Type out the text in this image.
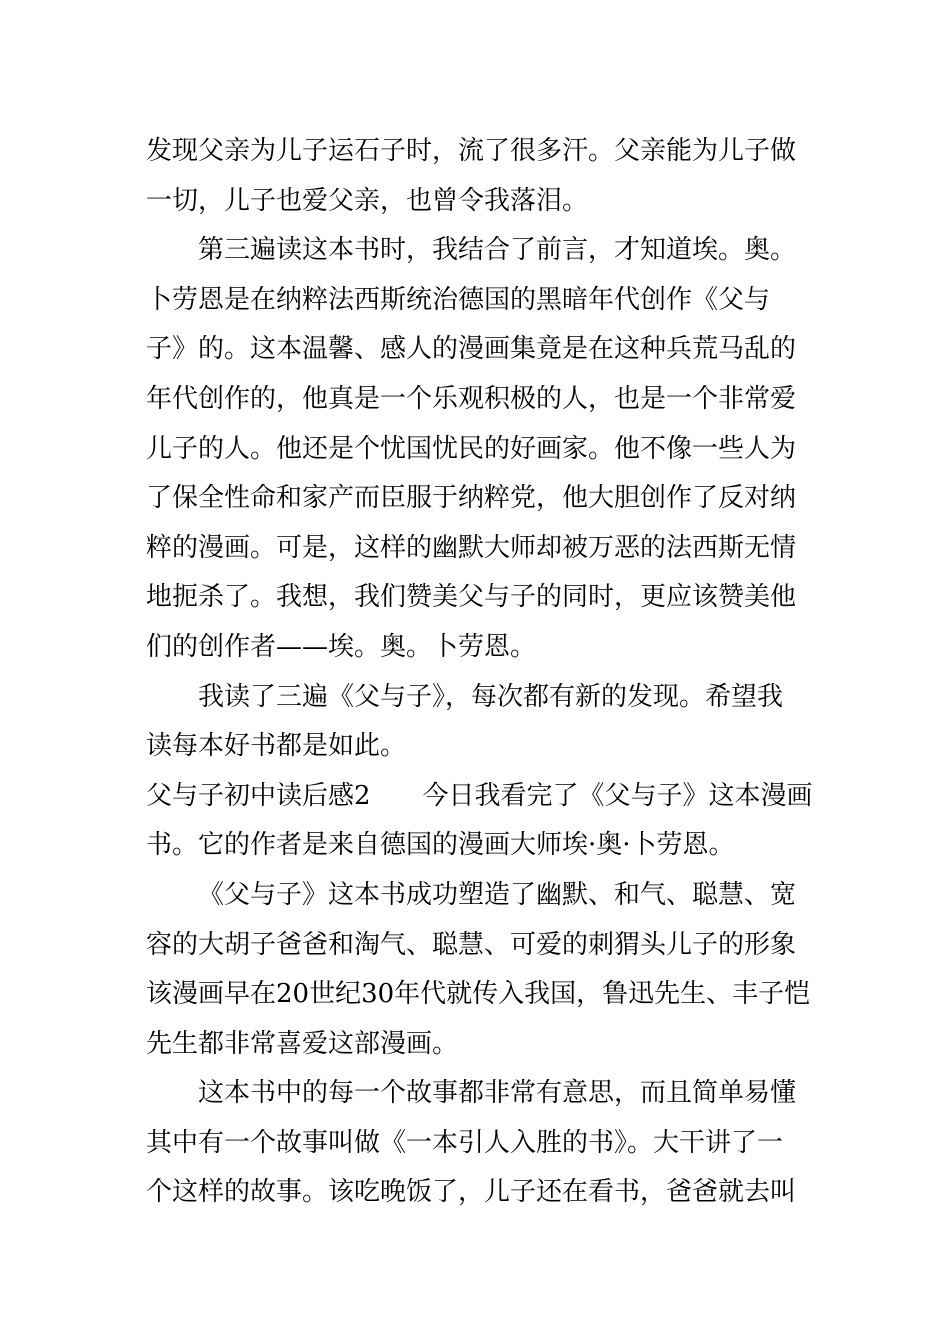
发现父亲为儿子运石子时，流了很多汗。父亲能为儿子做
一切，儿子也爱父亲，也曾令我落泪。
第三遍读这本书时，我结合了前言，才知道埃。奥。
卜劳恩是在纳粹法西斯统治德国的黑暗年代创作《父与
子》的。这本温馨、感人的漫画集竟是在这种兵荒马乱的
年代创作的，他真是一个乐观积极的人，也是一个非常爱
儿子的人。他还是个忧国忧民的好画家。他不像一些人为
了保全性命和家产而臣服于纳粹党，他大胆创作了反对纳
粹的漫画。可是，这样的幽默大师却被万恶的法西斯无情
地扼杀了。我想，我们赞美父与子的同时，更应该赞美他
们的创作者——埃。奥。卜劳恩。
我读了三遍《父与子》，每次都有新的发现。希望我
读每本好书都是如此。
父与子初中读后感2 今日我看完了《父与子》这本漫画
书。它的作者是来自德国的漫画大师埃·奥·卜劳恩。
《父与子》这本书成功塑造了幽默、和气、聪慧、宽
容的大胡子爸爸和淘气、聪慧、可爱的刺猬头儿子的形象
该漫画早在20世纪30年代就传入我国，鲁迅先生、丰子恺
先生都非常喜爱这部漫画。
这本书中的每一个故事都非常有意思，而且简单易懂
其中有一个故事叫做《一本引人入胜的书》。大干讲了一
个这样的故事。该吃晚饭了，儿子还在看书，爸爸就去叫
